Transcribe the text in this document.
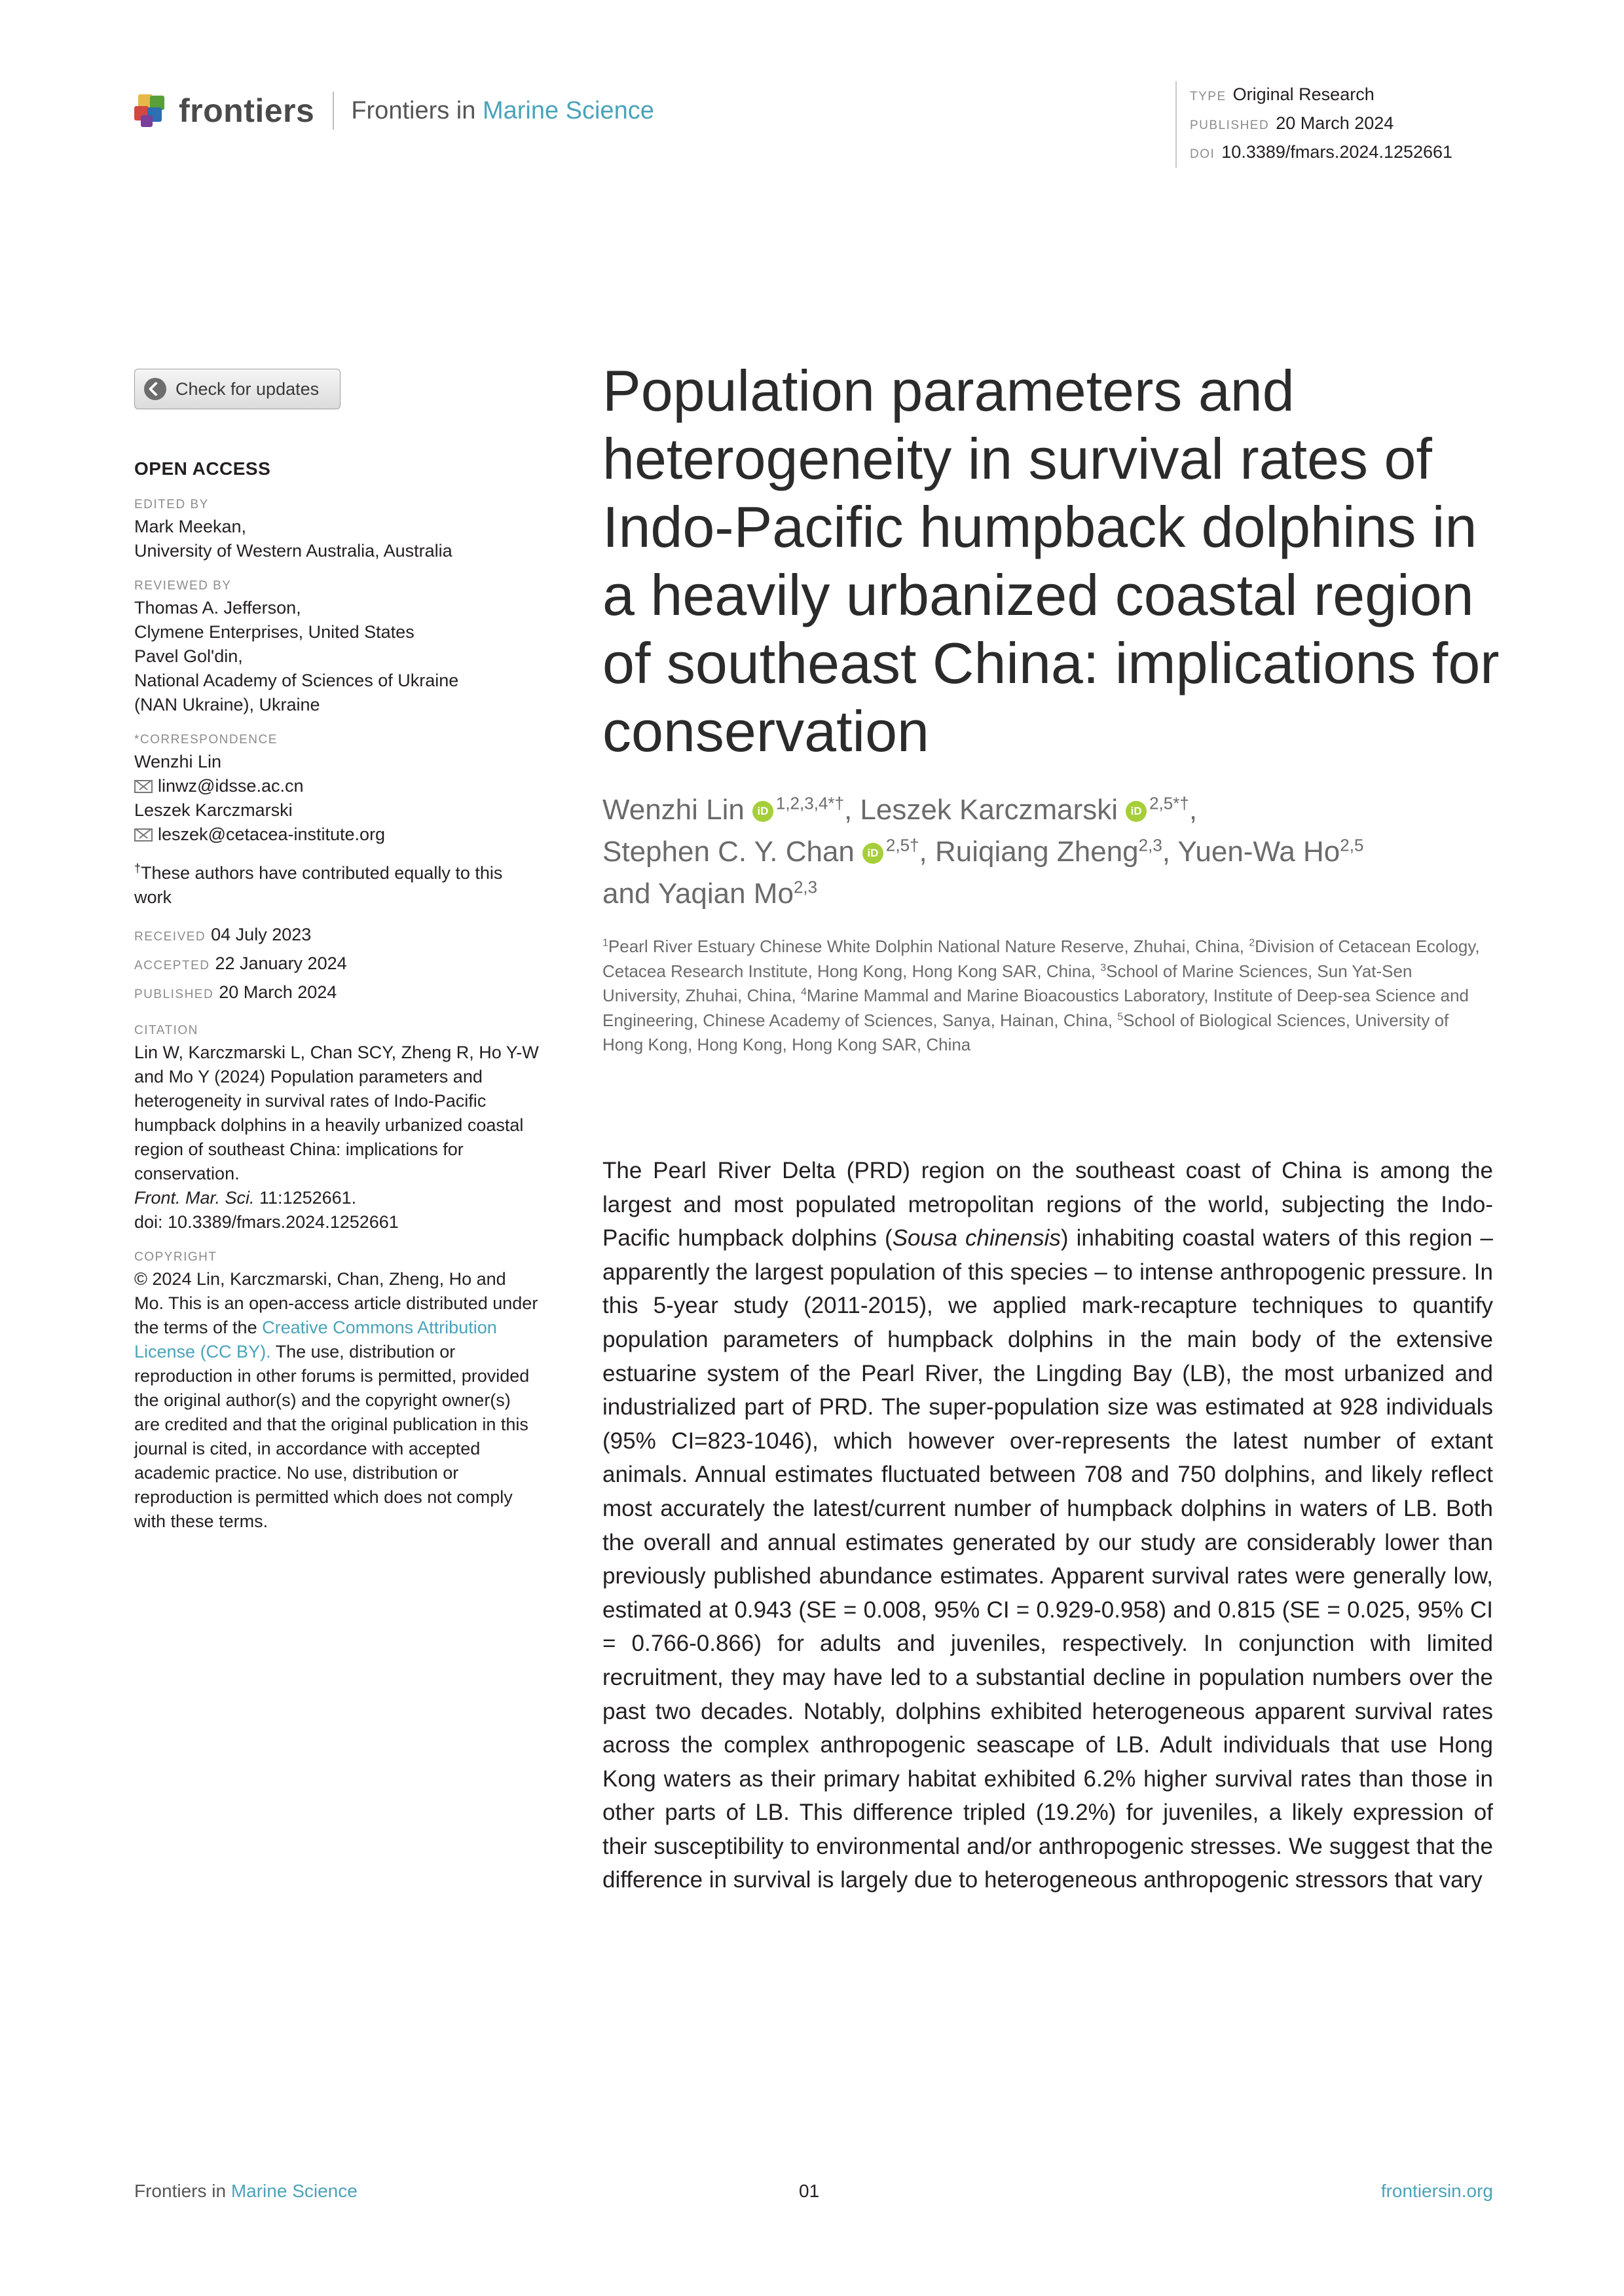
frontiers Frontiers in Marine Science	TYPE Original Research
PUBLISHED 20 March 2024
DOI 10.3389/fmars.2024.1252661
Check for updates
OPEN ACCESS
EDITED BY
Mark Meekan,
University of Western Australia, Australia
REVIEWED BY
Thomas A. Jefferson,
Clymene Enterprises, United States
Pavel Gol'din,
National Academy of Sciences of Ukraine
(NAN Ukraine), Ukraine
*CORRESPONDENCE
Wenzhi Lin
linwz@idsse.ac.cn
Leszek Karczmarski
leszek@cetacea-institute.org
†These authors have contributed equally to this work
RECEIVED 04 July 2023
ACCEPTED 22 January 2024
PUBLISHED 20 March 2024
CITATION
Lin W, Karczmarski L, Chan SCY, Zheng R, Ho Y-W and Mo Y (2024) Population parameters and heterogeneity in survival rates of Indo-Pacific humpback dolphins in a heavily urbanized coastal region of southeast China: implications for conservation.
Front. Mar. Sci. 11:1252661.
doi: 10.3389/fmars.2024.1252661
COPYRIGHT
© 2024 Lin, Karczmarski, Chan, Zheng, Ho and Mo. This is an open-access article distributed under the terms of the Creative Commons Attribution License (CC BY). The use, distribution or reproduction in other forums is permitted, provided the original author(s) and the copyright owner(s) are credited and that the original publication in this journal is cited, in accordance with accepted academic practice. No use, distribution or reproduction is permitted which does not comply with these terms.
Population parameters and heterogeneity in survival rates of Indo-Pacific humpback dolphins in a heavily urbanized coastal region of southeast China: implications for conservation
Wenzhi Lin iD $^{1,2,3,4*\dagger}$, Leszek Karczmarski iD $^{2,5*\dagger}$,
Stephen C. Y. Chan iD $^{2,5\dagger}$, Ruiqiang Zheng$^{2,3}$, Yuen-Wa Ho$^{2,5}$
and Yaqian Mo$^{2,3}$
$^1$Pearl River Estuary Chinese White Dolphin National Nature Reserve, Zhuhai, China, $^2$Division of Cetacean Ecology, Cetacea Research Institute, Hong Kong, Hong Kong SAR, China, $^3$School of Marine Sciences, Sun Yat-Sen University, Zhuhai, China, $^4$Marine Mammal and Marine Bioacoustics Laboratory, Institute of Deep-sea Science and Engineering, Chinese Academy of Sciences, Sanya, Hainan, China, $^5$School of Biological Sciences, University of Hong Kong, Hong Kong, Hong Kong SAR, China
The Pearl River Delta (PRD) region on the southeast coast of China is among the largest and most populated metropolitan regions of the world, subjecting the Indo-Pacific humpback dolphins (Sousa chinensis) inhabiting coastal waters of this region – apparently the largest population of this species – to intense anthropogenic pressure. In this 5-year study (2011-2015), we applied mark-recapture techniques to quantify population parameters of humpback dolphins in the main body of the extensive estuarine system of the Pearl River, the Lingding Bay (LB), the most urbanized and industrialized part of PRD. The super-population size was estimated at 928 individuals (95% CI=823-1046), which however over-represents the latest number of extant animals. Annual estimates fluctuated between 708 and 750 dolphins, and likely reflect most accurately the latest/current number of humpback dolphins in waters of LB. Both the overall and annual estimates generated by our study are considerably lower than previously published abundance estimates. Apparent survival rates were generally low, estimated at 0.943 (SE = 0.008, 95% CI = 0.929-0.958) and 0.815 (SE = 0.025, 95% CI = 0.766-0.866) for adults and juveniles, respectively. In conjunction with limited recruitment, they may have led to a substantial decline in population numbers over the past two decades. Notably, dolphins exhibited heterogeneous apparent survival rates across the complex anthropogenic seascape of LB. Adult individuals that use Hong Kong waters as their primary habitat exhibited 6.2% higher survival rates than those in other parts of LB. This difference tripled (19.2%) for juveniles, a likely expression of their susceptibility to environmental and/or anthropogenic stresses. We suggest that the difference in survival is largely due to heterogeneous anthropogenic stressors that vary
Frontiers in Marine Science	01	frontiersin.org
